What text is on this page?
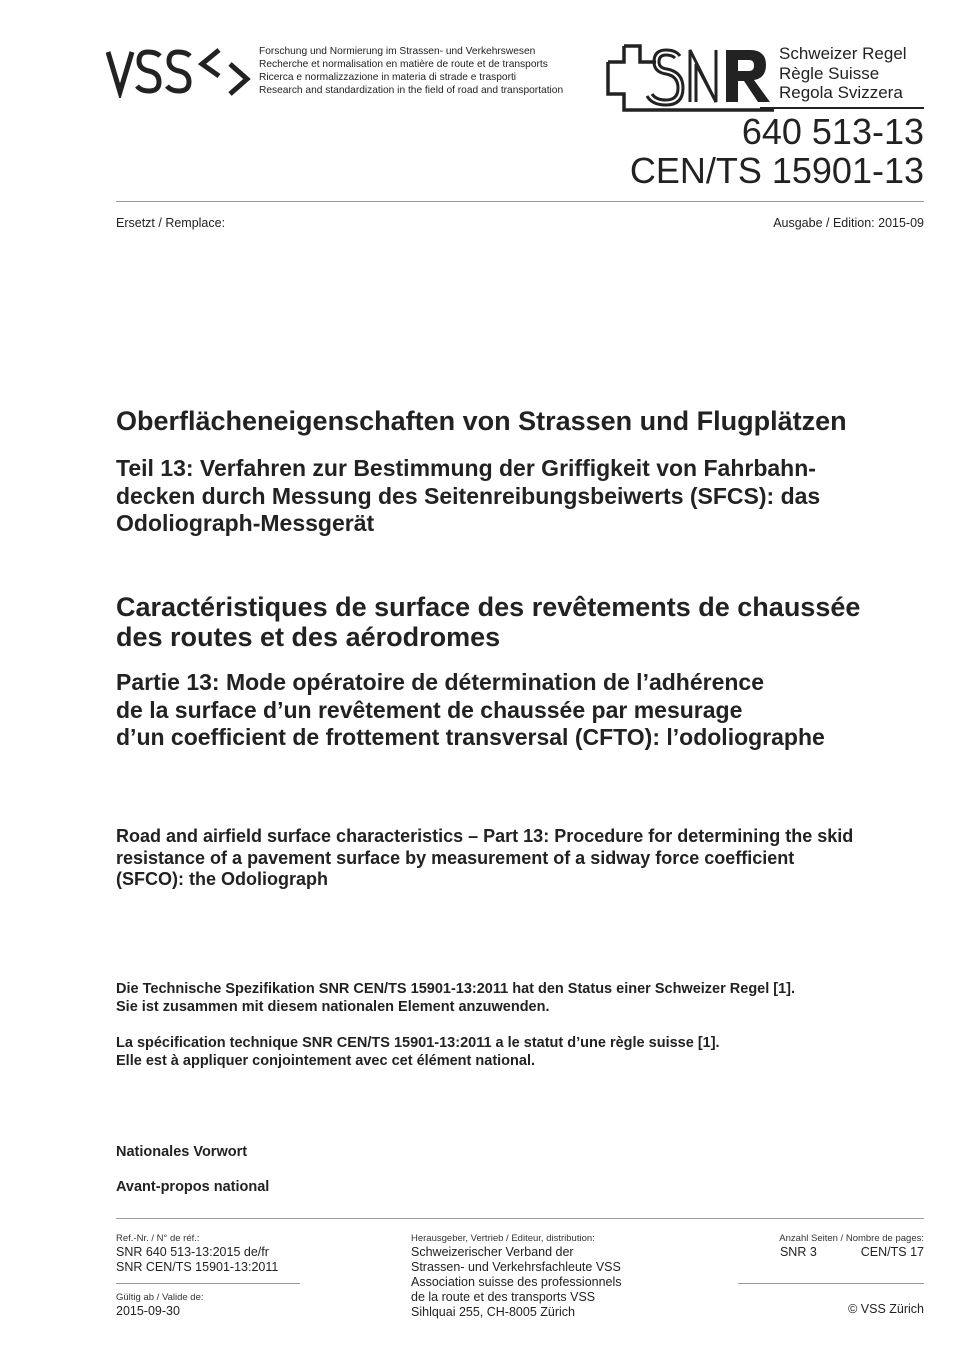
Forschung und Normierung im Strassen- und Verkehrswesen
Recherche et normalisation en matière de route et de transports
Ricerca e normalizzazione in materia di strade e trasporti
Research and standardization in the field of road and transportation
Schweizer Regel
Règle Suisse
Regola Svizzera
640 513-13
CEN/TS 15901-13
Ersetzt / Remplace:	Ausgabe / Edition: 2015-09
Oberflächeneigenschaften von Strassen und Flugplätzen
Teil 13: Verfahren zur Bestimmung der Griffigkeit von Fahrbahn-
decken durch Messung des Seitenreibungsbeiwerts (SFCS): das
Odoliograph-Messgerät
Caractéristiques de surface des revêtements de chaussée
des routes et des aérodromes
Partie 13: Mode opératoire de détermination de l’adhérence
de la surface d’un revêtement de chaussée par mesurage
d’un coefficient de frottement transversal (CFTO): l’odoliographe
Road and airfield surface characteristics – Part 13: Procedure for determining the skid
resistance of a pavement surface by measurement of a sidway force coefficient
(SFCO): the Odoliograph
Die Technische Spezifikation SNR CEN/TS 15901-13:2011 hat den Status einer Schweizer Regel [1].
Sie ist zusammen mit diesem nationalen Element anzuwenden.
La spécification technique SNR CEN/TS 15901-13:2011 a le statut d’une règle suisse [1].
Elle est à appliquer conjointement avec cet élément national.
Nationales Vorwort
Avant-propos national
Ref.-Nr. / N° de réf.:
SNR 640 513-13:2015 de/fr
SNR CEN/TS 15901-13:2011
Gültig ab / Valide de:
2015-09-30
Herausgeber, Vertrieb / Editeur, distribution:
Schweizerischer Verband der
Strassen- und Verkehrsfachleute VSS
Association suisse des professionnels
de la route et des transports VSS
Sihlquai 255, CH-8005 Zürich
Anzahl Seiten / Nombre de pages:
SNR 3	CEN/TS 17
© VSS Zürich
